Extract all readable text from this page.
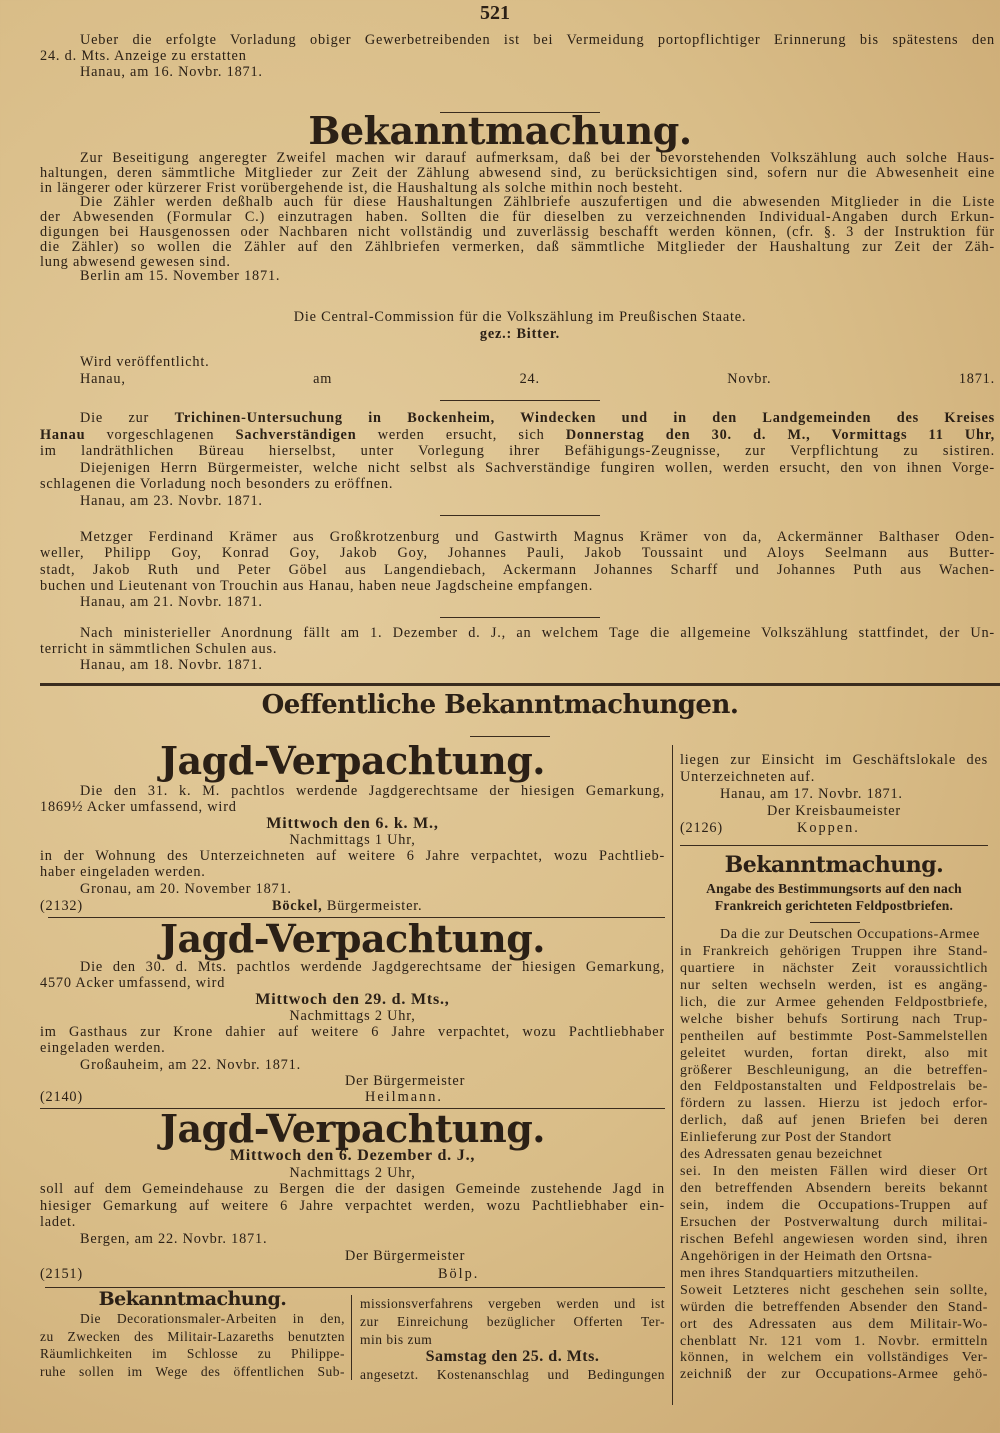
521
Ueber die erfolgte Vorladung obiger Gewerbetreibenden ist bei Vermeidung portopflichtiger Erinnerung bis spätestens den
24. d. Mts. Anzeige zu erstatten
Hanau, am 16. Novbr. 1871.
Bekanntmachung.
Zur Beseitigung angeregter Zweifel machen wir darauf aufmerksam, daß bei der bevorstehenden Volkszählung auch solche Haus-
haltungen, deren sämmtliche Mitglieder zur Zeit der Zählung abwesend sind, zu berücksichtigen sind, sofern nur die Abwesenheit eine
in längerer oder kürzerer Frist vorübergehende ist, die Haushaltung als solche mithin noch besteht.
Die Zähler werden deßhalb auch für diese Haushaltungen Zählbriefe auszufertigen und die abwesenden Mitglieder in die Liste
der Abwesenden (Formular C.) einzutragen haben. Sollten die für dieselben zu verzeichnenden Individual-Angaben durch Erkun-
digungen bei Hausgenossen oder Nachbaren nicht vollständig und zuverlässig beschafft werden können, (cfr. §. 3 der Instruktion für
die Zähler) so wollen die Zähler auf den Zählbriefen vermerken, daß sämmtliche Mitglieder der Haushaltung zur Zeit der Zäh-
lung abwesend gewesen sind.
Berlin am 15. November 1871.
Die Central-Commission für die Volkszählung im Preußischen Staate.
gez.: Bitter.
Wird veröffentlicht.
Hanau, am 24. Novbr. 1871.
Die zur Trichinen-Untersuchung in Bockenheim, Windecken und in den Landgemeinden des Kreises
Hanau vorgeschlagenen Sachverständigen werden ersucht, sich Donnerstag den 30. d. M., Vormittags 11 Uhr,
im landräthlichen Büreau hierselbst, unter Vorlegung ihrer Befähigungs-Zeugnisse, zur Verpflichtung zu sistiren.
Diejenigen Herrn Bürgermeister, welche nicht selbst als Sachverständige fungiren wollen, werden ersucht, den von ihnen Vorge-
schlagenen die Vorladung noch besonders zu eröffnen.
Hanau, am 23. Novbr. 1871.
Metzger Ferdinand Krämer aus Großkrotzenburg und Gastwirth Magnus Krämer von da, Ackermänner Balthaser Oden-
weller, Philipp Goy, Konrad Goy, Jakob Goy, Johannes Pauli, Jakob Toussaint und Aloys Seelmann aus Butter-
stadt, Jakob Ruth und Peter Göbel aus Langendiebach, Ackermann Johannes Scharff und Johannes Puth aus Wachen-
buchen und Lieutenant von Trouchin aus Hanau, haben neue Jagdscheine empfangen.
Hanau, am 21. Novbr. 1871.
Nach ministerieller Anordnung fällt am 1. Dezember d. J., an welchem Tage die allgemeine Volkszählung stattfindet, der Un-
terricht in sämmtlichen Schulen aus.
Hanau, am 18. Novbr. 1871.
Oeffentliche Bekanntmachungen.
Jagd-Verpachtung.
Die den 31. k. M. pachtlos werdende Jagdgerechtsame der hiesigen Gemarkung,
1869½ Acker umfassend, wird
Mittwoch den 6. k. M.,
Nachmittags 1 Uhr,
in der Wohnung des Unterzeichneten auf weitere 6 Jahre verpachtet, wozu Pachtlieb-
haber eingeladen werden.
Gronau, am 20. November 1871.
(2132)	Böckel, Bürgermeister.
Jagd-Verpachtung.
Die den 30. d. Mts. pachtlos werdende Jagdgerechtsame der hiesigen Gemarkung,
4570 Acker umfassend, wird
Mittwoch den 29. d. Mts.,
Nachmittags 2 Uhr,
im Gasthaus zur Krone dahier auf weitere 6 Jahre verpachtet, wozu Pachtliebhaber
eingeladen werden.
Großauheim, am 22. Novbr. 1871.
Der Bürgermeister
(2140)	Heilmann.
Jagd-Verpachtung.
Mittwoch den 6. Dezember d. J.,
Nachmittags 2 Uhr,
soll auf dem Gemeindehause zu Bergen die der dasigen Gemeinde zustehende Jagd in
hiesiger Gemarkung auf weitere 6 Jahre verpachtet werden, wozu Pachtliebhaber ein-
ladet.
Bergen, am 22. Novbr. 1871.
Der Bürgermeister
(2151)	Bölp.
Bekanntmachung.
Die Decorationsmaler-Arbeiten in den,
zu Zwecken des Militair-Lazareths benutzten
Räumlichkeiten im Schlosse zu Philippe-
ruhe sollen im Wege des öffentlichen Sub-
missionsverfahrens vergeben werden und ist
zur Einreichung bezüglicher Offerten Ter-
min bis zum
Samstag den 25. d. Mts.
angesetzt. Kostenanschlag und Bedingungen
liegen zur Einsicht im Geschäftslokale des
Unterzeichneten auf.
Hanau, am 17. Novbr. 1871.
Der Kreisbaumeister
(2126)	Koppen.
Bekanntmachung.
Angabe des Bestimmungsorts auf den nach
Frankreich gerichteten Feldpostbriefen.
Da die zur Deutschen Occupations-Armee
in Frankreich gehörigen Truppen ihre Stand-
quartiere in nächster Zeit voraussichtlich
nur selten wechseln werden, ist es angäng-
lich, die zur Armee gehenden Feldpostbriefe,
welche bisher behufs Sortirung nach Trup-
pentheilen auf bestimmte Post-Sammelstellen
geleitet wurden, fortan direkt, also mit
größerer Beschleunigung, an die betreffen-
den Feldpostanstalten und Feldpostrelais be-
fördern zu lassen. Hierzu ist jedoch erfor-
derlich, daß auf jenen Briefen bei deren
Einlieferung zur Post der Standort
des Adressaten genau bezeichnet
sei. In den meisten Fällen wird dieser Ort
den betreffenden Absendern bereits bekannt
sein, indem die Occupations-Truppen auf
Ersuchen der Postverwaltung durch militai-
rischen Befehl angewiesen worden sind, ihren
Angehörigen in der Heimath den Ortsna-
men ihres Standquartiers mitzutheilen.
Soweit Letzteres nicht geschehen sein sollte,
würden die betreffenden Absender den Stand-
ort des Adressaten aus dem Militair-Wo-
chenblatt Nr. 121 vom 1. Novbr. ermitteln
können, in welchem ein vollständiges Ver-
zeichniß der zur Occupations-Armee gehö-
